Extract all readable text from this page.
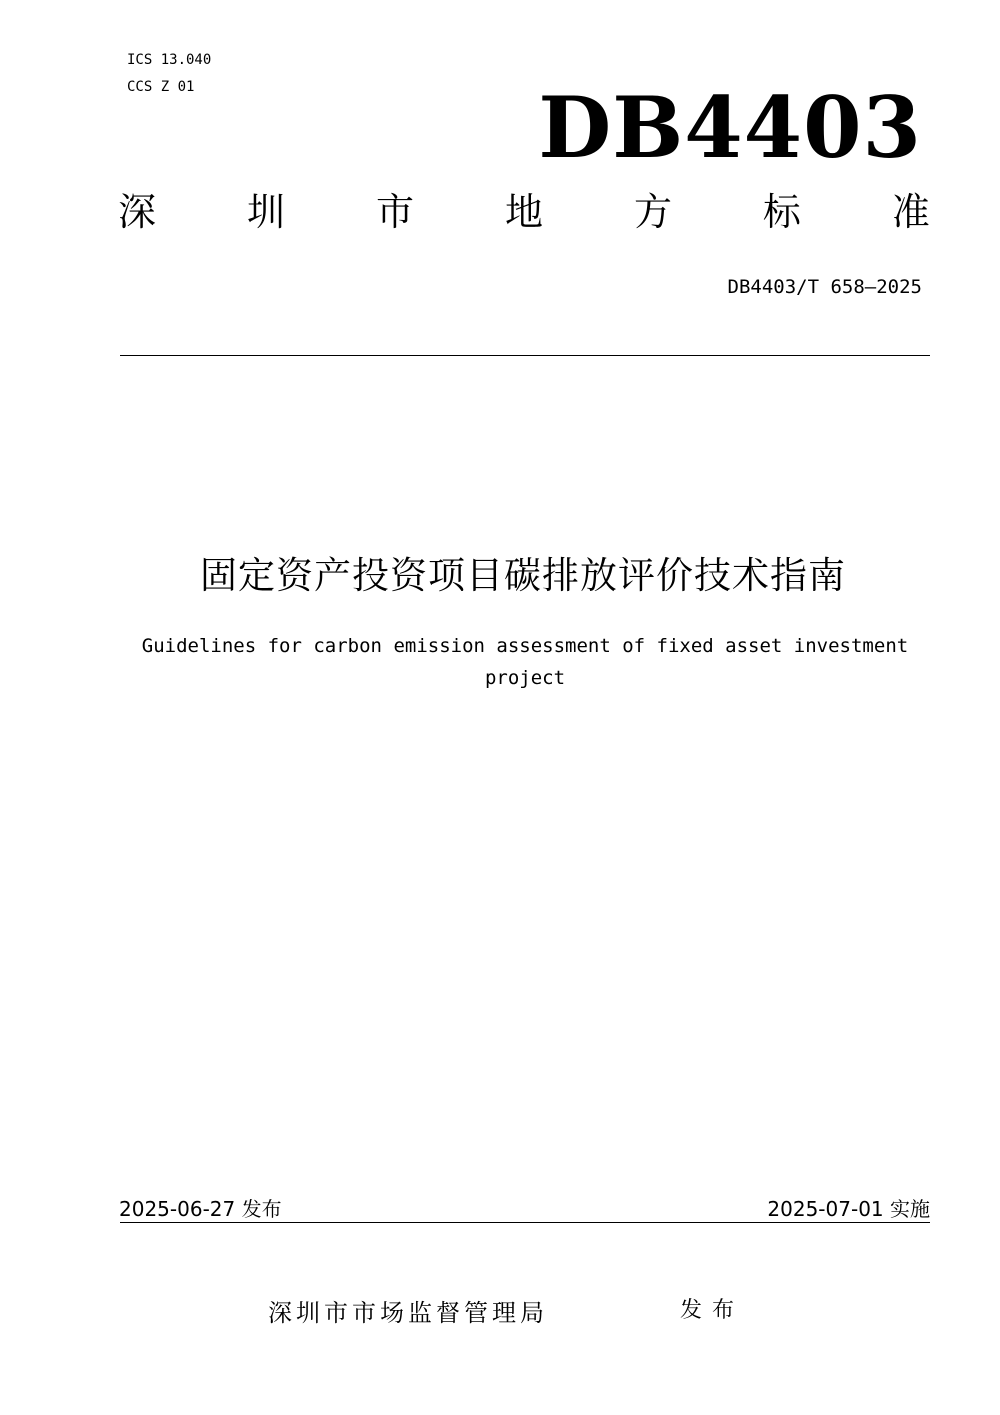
ICS 13.040
CCS Z 01	DB4403
深 圳 市 地 方 标 准
DB4403/T 658—2025
固定资产投资项目碳排放评价技术指南
Guidelines for carbon emission assessment of fixed asset investment project
2025-06-27 发布	2025-07-01 实施
深圳市市场监督管理局	发布
